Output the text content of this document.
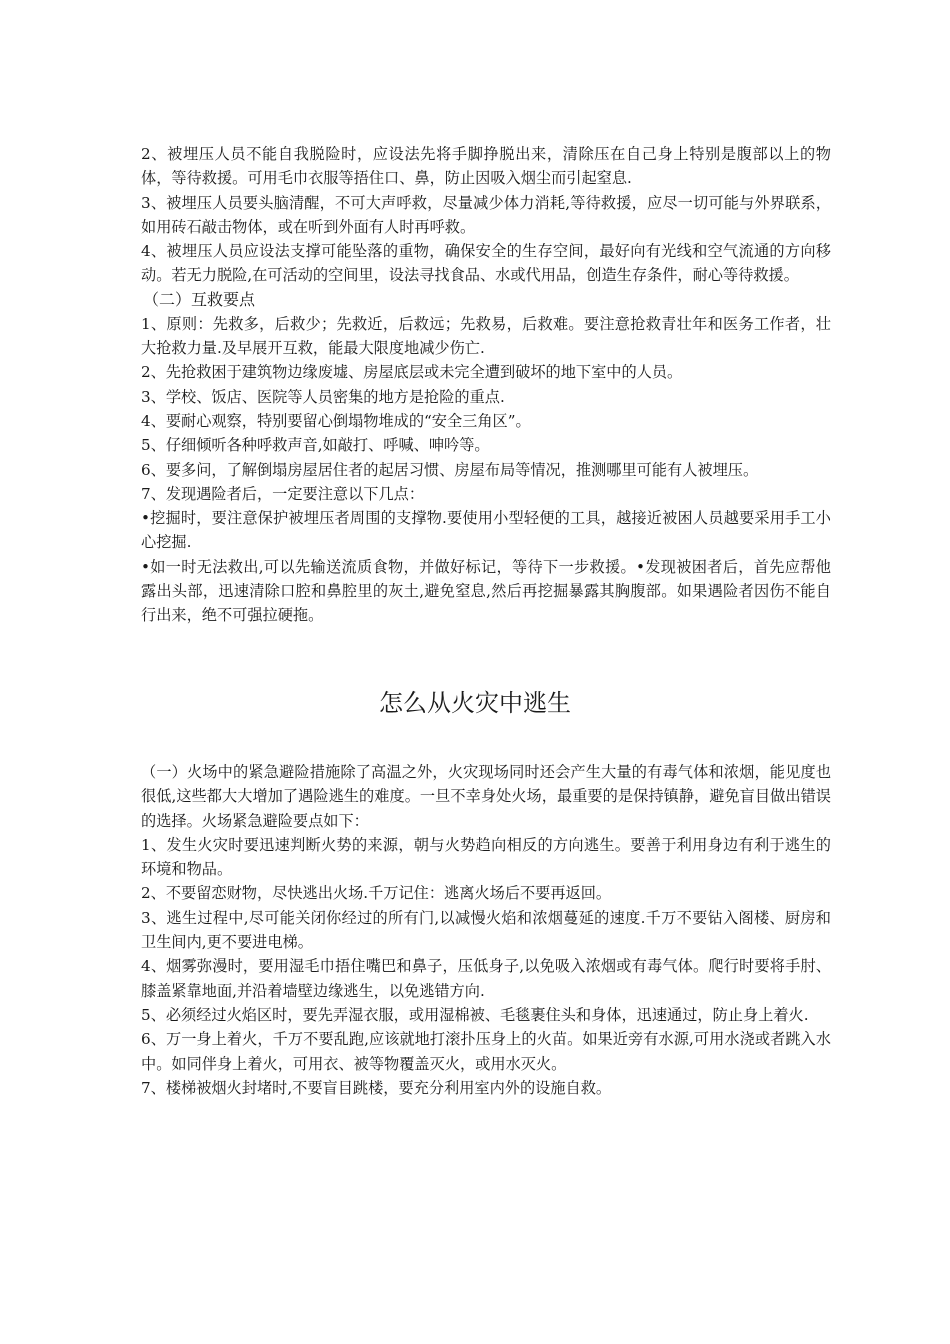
2、被埋压人员不能自我脱险时，应设法先将手脚挣脱出来，清除压在自己身上特别是腹部以上的物体，等待救援。可用毛巾衣服等捂住口、鼻，防止因吸入烟尘而引起窒息.

3、被埋压人员要头脑清醒，不可大声呼救，尽量减少体力消耗,等待救援，应尽一切可能与外界联系，如用砖石敲击物体，或在听到外面有人时再呼救。

4、被埋压人员应设法支撑可能坠落的重物，确保安全的生存空间，最好向有光线和空气流通的方向移动。若无力脱险,在可活动的空间里，设法寻找食品、水或代用品，创造生存条件，耐心等待救援。

（二）互救要点

1、原则：先救多，后救少；先救近，后救远；先救易，后救难。要注意抢救青壮年和医务工作者，壮大抢救力量.及早展开互救，能最大限度地减少伤亡.

2、先抢救困于建筑物边缘废墟、房屋底层或未完全遭到破坏的地下室中的人员。

3、学校、饭店、医院等人员密集的地方是抢险的重点.

4、要耐心观察，特别要留心倒塌物堆成的“安全三角区”。

5、仔细倾听各种呼救声音,如敲打、呼喊、呻吟等。

6、要多问，了解倒塌房屋居住者的起居习惯、房屋布局等情况，推测哪里可能有人被埋压。

7、发现遇险者后，一定要注意以下几点：

•挖掘时，要注意保护被埋压者周围的支撑物.要使用小型轻便的工具，越接近被困人员越要采用手工小心挖掘.

•如一时无法救出,可以先输送流质食物，并做好标记，等待下一步救援。•发现被困者后，首先应帮他露出头部，迅速清除口腔和鼻腔里的灰土,避免窒息,然后再挖掘暴露其胸腹部。如果遇险者因伤不能自行出来，绝不可强拉硬拖。

怎么从火灾中逃生

（一）火场中的紧急避险措施除了高温之外，火灾现场同时还会产生大量的有毒气体和浓烟，能见度也很低,这些都大大增加了遇险逃生的难度。一旦不幸身处火场，最重要的是保持镇静，避免盲目做出错误的选择。火场紧急避险要点如下：

1、发生火灾时要迅速判断火势的来源，朝与火势趋向相反的方向逃生。要善于利用身边有利于逃生的环境和物品。

2、不要留恋财物，尽快逃出火场.千万记住：逃离火场后不要再返回。

3、逃生过程中,尽可能关闭你经过的所有门,以减慢火焰和浓烟蔓延的速度.千万不要钻入阁楼、厨房和卫生间内,更不要进电梯。

4、烟雾弥漫时，要用湿毛巾捂住嘴巴和鼻子，压低身子,以免吸入浓烟或有毒气体。爬行时要将手肘、膝盖紧靠地面,并沿着墙壁边缘逃生，以免逃错方向.

5、必须经过火焰区时，要先弄湿衣服，或用湿棉被、毛毯裹住头和身体，迅速通过，防止身上着火.

6、万一身上着火，千万不要乱跑,应该就地打滚扑压身上的火苗。如果近旁有水源,可用水浇或者跳入水中。如同伴身上着火，可用衣、被等物覆盖灭火，或用水灭火。

7、楼梯被烟火封堵时,不要盲目跳楼，要充分利用室内外的设施自救。
